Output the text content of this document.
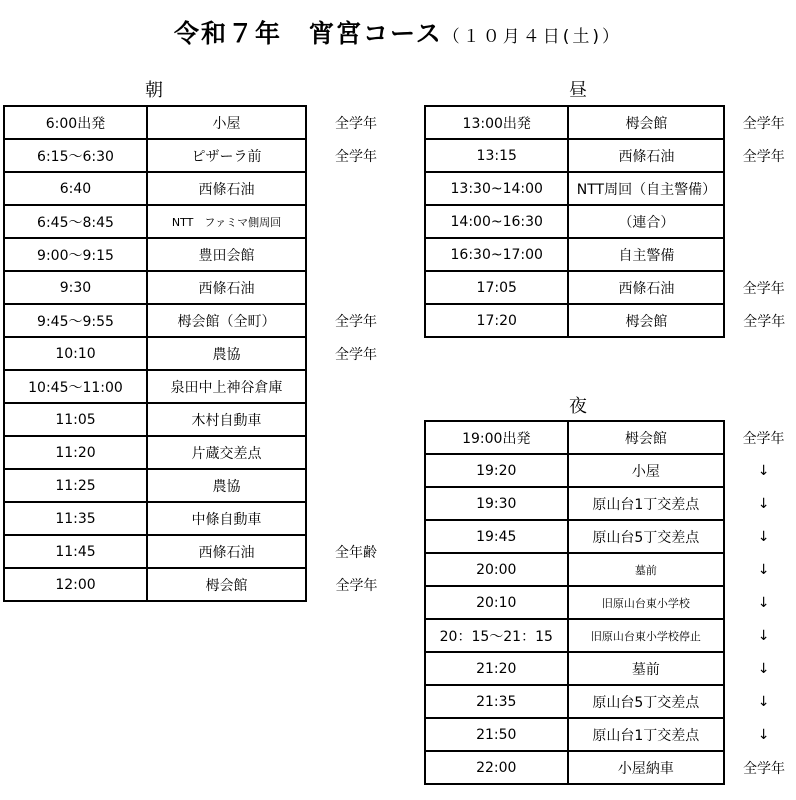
令和７年　宵宮コース（１０月４日(土)）
朝	昼
夜
6:00出発	小屋	全学年
6:15～6:30	ピザーラ前	全学年
6:40	西條石油	
6:45～8:45	NTT　ファミマ側周回	
9:00～9:15	豊田会館	
9:30	西條石油	
9:45～9:55	栂会館（全町）	全学年
10:10	農協	全学年
10:45～11:00	泉田中上神谷倉庫	
11:05	木村自動車	
11:20	片蔵交差点	
11:25	農協	
11:35	中條自動車	
11:45	西條石油	全年齢
12:00	栂会館	全学年
13:00出発	栂会館	全学年
13:15	西條石油	全学年
13:30~14:00	NTT周回（自主警備）	
14:00~16:30	（連合）	
16:30~17:00	自主警備	
17:05	西條石油	全学年
17:20	栂会館	全学年
19:00出発	栂会館	全学年
19:20	小屋	↓
19:30	原山台1丁交差点	↓
19:45	原山台5丁交差点	↓
20:00	墓前	↓
20:10	旧原山台東小学校	↓
20：15～21：15	旧原山台東小学校停止	↓
21:20	墓前	↓
21:35	原山台5丁交差点	↓
21:50	原山台1丁交差点	↓
22:00	小屋納車	全学年
